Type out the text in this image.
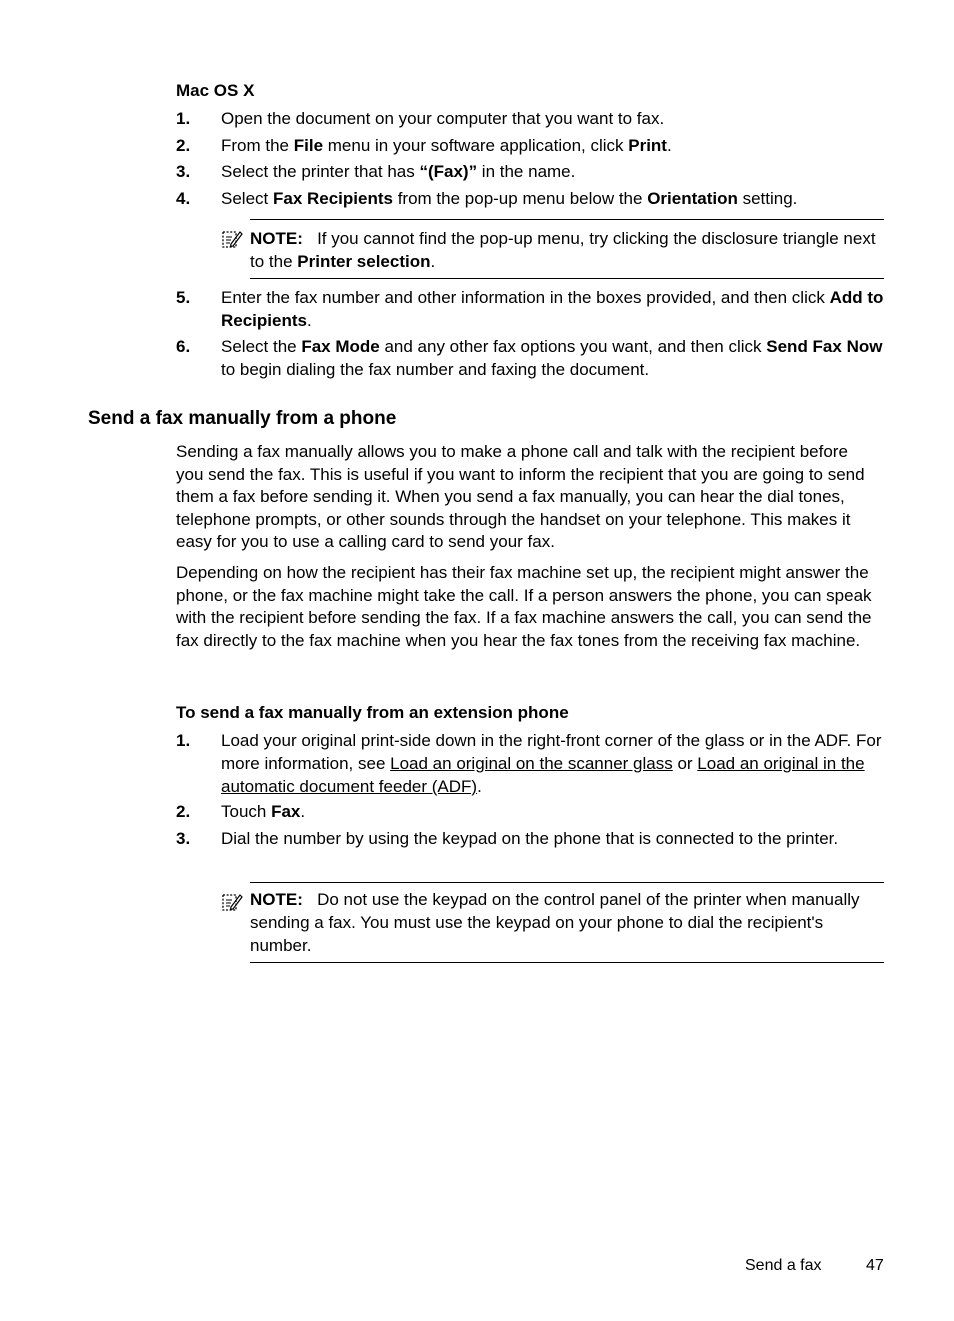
Mac OS X
1. Open the document on your computer that you want to fax.
2. From the File menu in your software application, click Print.
3. Select the printer that has “(Fax)” in the name.
4. Select Fax Recipients from the pop-up menu below the Orientation setting.
NOTE: If you cannot find the pop-up menu, try clicking the disclosure triangle next to the Printer selection.
5. Enter the fax number and other information in the boxes provided, and then click Add to Recipients.
6. Select the Fax Mode and any other fax options you want, and then click Send Fax Now to begin dialing the fax number and faxing the document.
Send a fax manually from a phone
Sending a fax manually allows you to make a phone call and talk with the recipient before you send the fax. This is useful if you want to inform the recipient that you are going to send them a fax before sending it. When you send a fax manually, you can hear the dial tones, telephone prompts, or other sounds through the handset on your telephone. This makes it easy for you to use a calling card to send your fax.
Depending on how the recipient has their fax machine set up, the recipient might answer the phone, or the fax machine might take the call. If a person answers the phone, you can speak with the recipient before sending the fax. If a fax machine answers the call, you can send the fax directly to the fax machine when you hear the fax tones from the receiving fax machine.
To send a fax manually from an extension phone
1. Load your original print-side down in the right-front corner of the glass or in the ADF. For more information, see Load an original on the scanner glass or Load an original in the automatic document feeder (ADF).
2. Touch Fax.
3. Dial the number by using the keypad on the phone that is connected to the printer.
NOTE: Do not use the keypad on the control panel of the printer when manually sending a fax. You must use the keypad on your phone to dial the recipient's number.
Send a fax	47
